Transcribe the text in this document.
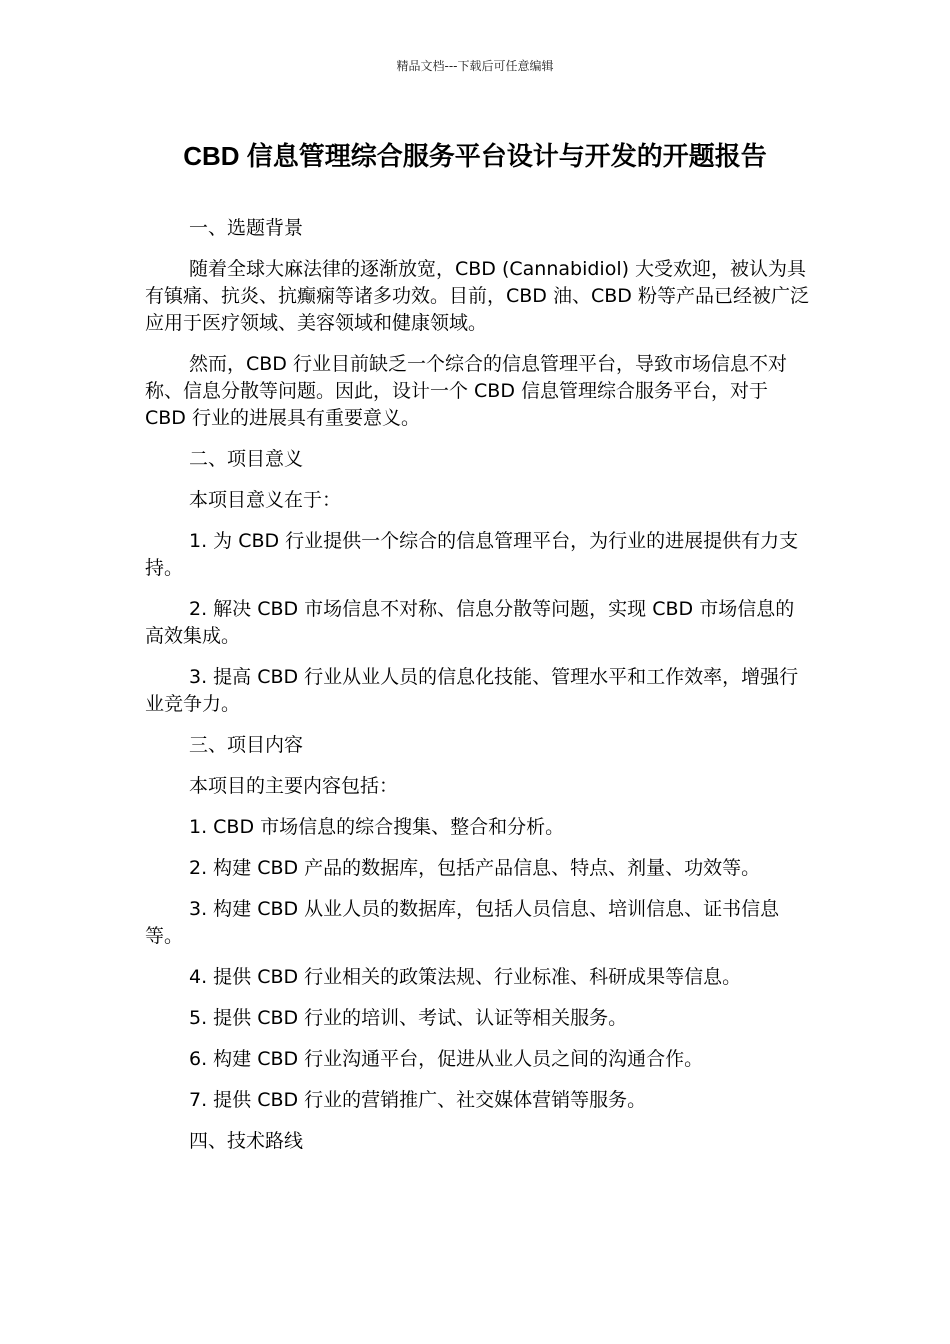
精品文档---下载后可任意编辑
CBD 信息管理综合服务平台设计与开发的开题报告

一、选题背景

随着全球大麻法律的逐渐放宽，CBD (Cannabidiol) 大受欢迎，被认为具有镇痛、抗炎、抗癫痫等诸多功效。目前，CBD 油、CBD 粉等产品已经被广泛应用于医疗领域、美容领域和健康领域。

然而，CBD 行业目前缺乏一个综合的信息管理平台，导致市场信息不对称、信息分散等问题。因此，设计一个 CBD 信息管理综合服务平台，对于 CBD 行业的进展具有重要意义。

二、项目意义

本项目意义在于：

1. 为 CBD 行业提供一个综合的信息管理平台，为行业的进展提供有力支持。

2. 解决 CBD 市场信息不对称、信息分散等问题，实现 CBD 市场信息的高效集成。

3. 提高 CBD 行业从业人员的信息化技能、管理水平和工作效率，增强行业竞争力。

三、项目内容

本项目的主要内容包括：

1. CBD 市场信息的综合搜集、整合和分析。

2. 构建 CBD 产品的数据库，包括产品信息、特点、剂量、功效等。

3. 构建 CBD 从业人员的数据库，包括人员信息、培训信息、证书信息等。

4. 提供 CBD 行业相关的政策法规、行业标准、科研成果等信息。

5. 提供 CBD 行业的培训、考试、认证等相关服务。

6. 构建 CBD 行业沟通平台，促进从业人员之间的沟通合作。

7. 提供 CBD 行业的营销推广、社交媒体营销等服务。

四、技术路线
